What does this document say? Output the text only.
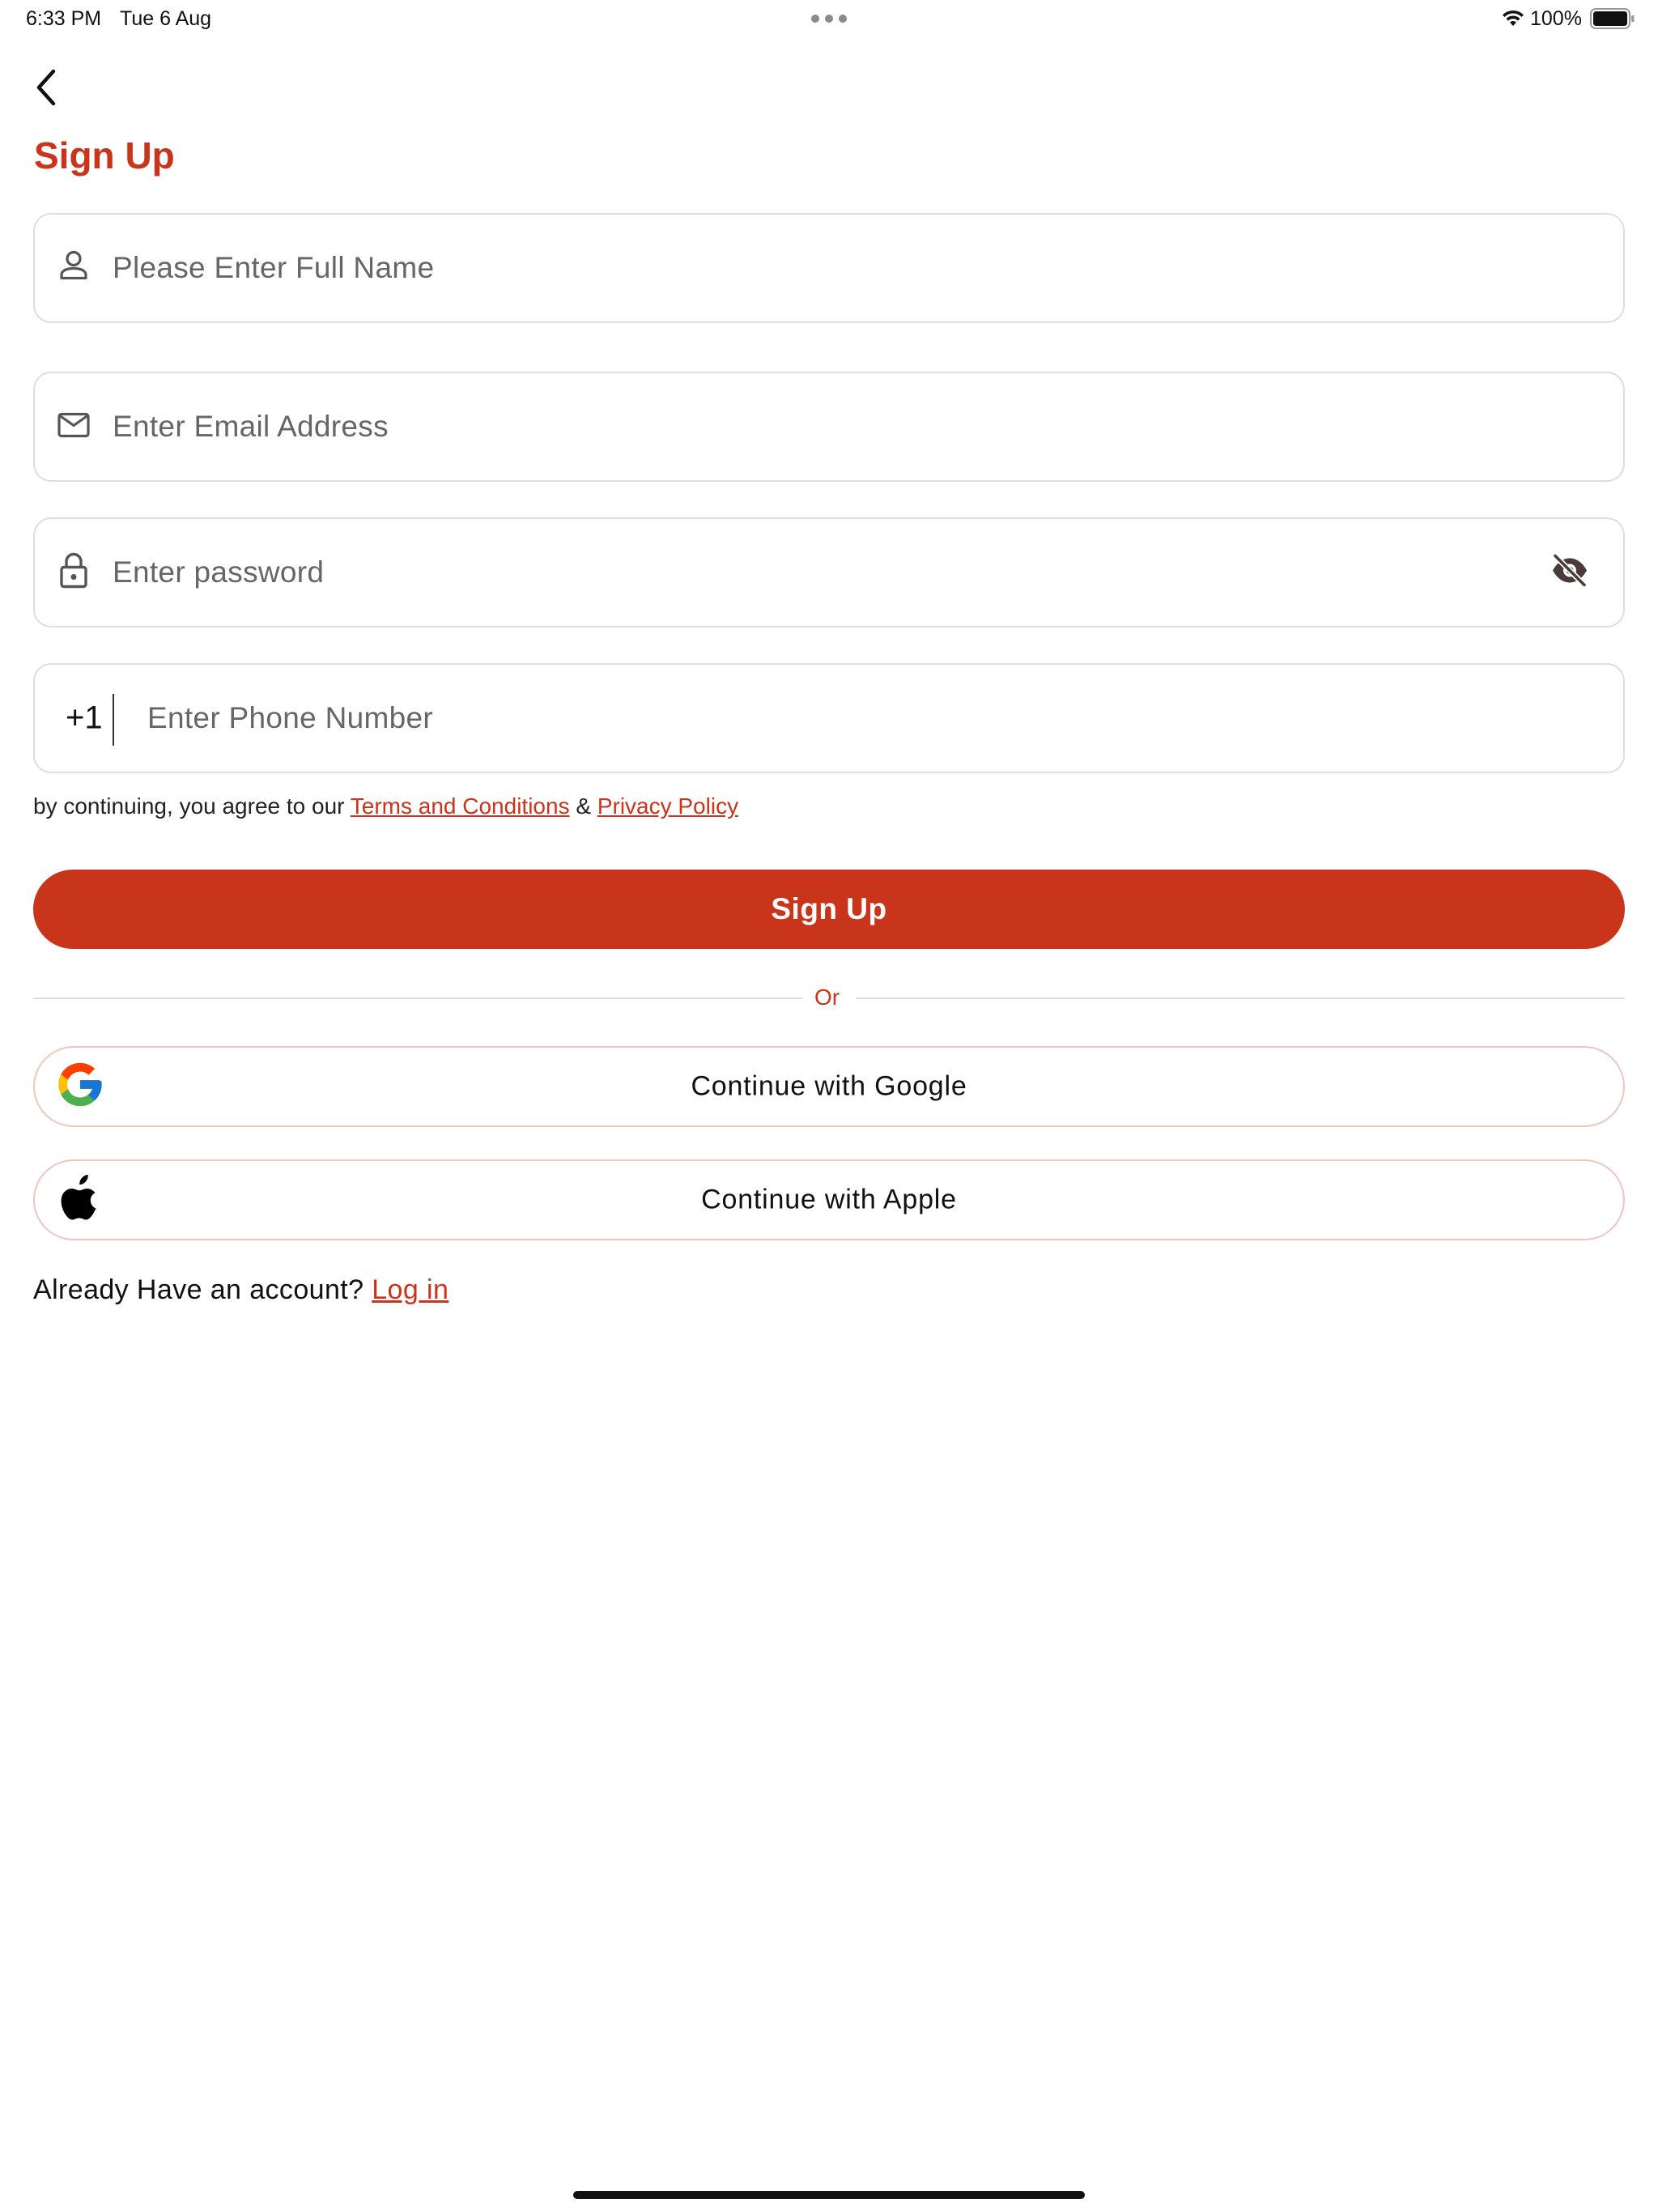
6:33 PM Tue 6 Aug	100%
Sign Up
Please Enter Full Name
Enter Email Address
Enter password
+1 Enter Phone Number
by continuing, you agree to our Terms and Conditions & Privacy Policy
Sign Up
Or
Continue with Google
Continue with Apple
Already Have an account? Log in
